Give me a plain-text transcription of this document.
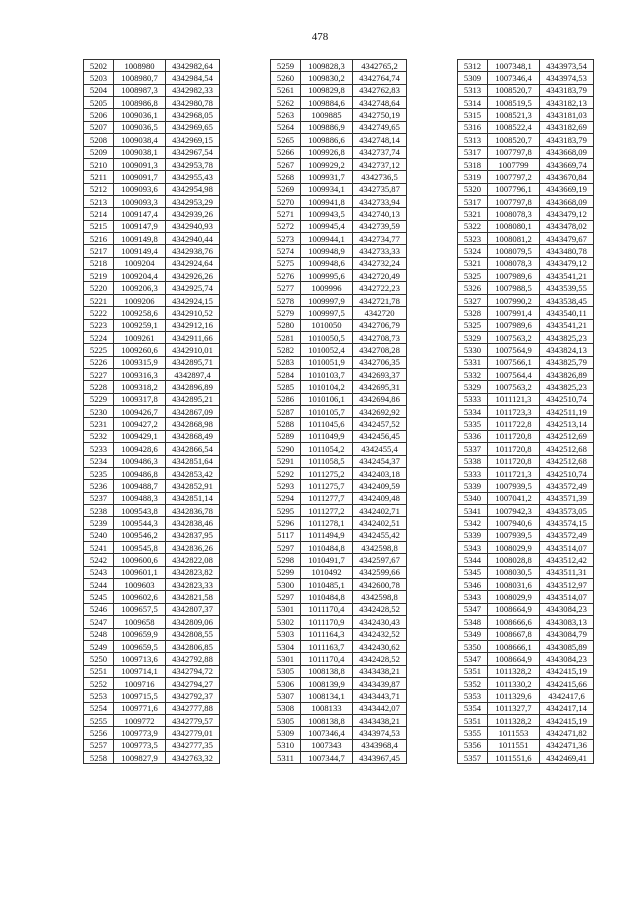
478
5202	1008980	4342982,64
5203	1008980,7	4342984,54
5204	1008987,3	4342982,33
5205	1008986,8	4342980,78
5206	1009036,1	4342968,05
5207	1009036,5	4342969,65
5208	1009038,4	4342969,15
5209	1009038,1	4342967,54
5210	1009091,3	4342953,78
5211	1009091,7	4342955,43
5212	1009093,6	4342954,98
5213	1009093,3	4342953,29
5214	1009147,4	4342939,26
5215	1009147,9	4342940,93
5216	1009149,8	4342940,44
5217	1009149,4	4342938,76
5218	1009204	4342924,64
5219	1009204,4	4342926,26
5220	1009206,3	4342925,74
5221	1009206	4342924,15
5222	1009258,6	4342910,52
5223	1009259,1	4342912,16
5224	1009261	4342911,66
5225	1009260,6	4342910,01
5226	1009315,9	4342895,71
5227	1009316,3	4342897,4
5228	1009318,2	4342896,89
5229	1009317,8	4342895,21
5230	1009426,7	4342867,09
5231	1009427,2	4342868,98
5232	1009429,1	4342868,49
5233	1009428,6	4342866,54
5234	1009486,3	4342851,64
5235	1009486,8	4342853,42
5236	1009488,7	4342852,91
5237	1009488,3	4342851,14
5238	1009543,8	4342836,78
5239	1009544,3	4342838,46
5240	1009546,2	4342837,95
5241	1009545,8	4342836,26
5242	1009600,6	4342822,08
5243	1009601,1	4342823,82
5244	1009603	4342823,33
5245	1009602,6	4342821,58
5246	1009657,5	4342807,37
5247	1009658	4342809,06
5248	1009659,9	4342808,55
5249	1009659,5	4342806,85
5250	1009713,6	4342792,88
5251	1009714,1	4342794,72
5252	1009716	4342794,27
5253	1009715,5	4342792,37
5254	1009771,6	4342777,88
5255	1009772	4342779,57
5256	1009773,9	4342779,01
5257	1009773,5	4342777,35
5258	1009827,9	4342763,32
5259	1009828,3	4342765,2
5260	1009830,2	4342764,74
5261	1009829,8	4342762,83
5262	1009884,6	4342748,64
5263	1009885	4342750,19
5264	1009886,9	4342749,65
5265	1009886,6	4342748,14
5266	1009926,8	4342737,74
5267	1009929,2	4342737,12
5268	1009931,7	4342736,5
5269	1009934,1	4342735,87
5270	1009941,8	4342733,94
5271	1009943,5	4342740,13
5272	1009945,4	4342739,59
5273	1009944,1	4342734,77
5274	1009948,9	4342733,33
5275	1009948,6	4342732,24
5276	1009995,6	4342720,49
5277	1009996	4342722,23
5278	1009997,9	4342721,78
5279	1009997,5	4342720
5280	1010050	4342706,79
5281	1010050,5	4342708,73
5282	1010052,4	4342708,28
5283	1010051,9	4342706,35
5284	1010103,7	4342693,37
5285	1010104,2	4342695,31
5286	1010106,1	4342694,86
5287	1010105,7	4342692,92
5288	1011045,6	4342457,52
5289	1011049,9	4342456,45
5290	1011054,2	4342455,4
5291	1011058,5	4342454,37
5292	1011275,2	4342403,18
5293	1011275,7	4342409,59
5294	1011277,7	4342409,48
5295	1011277,2	4342402,71
5296	1011278,1	4342402,51
5117	1011494,9	4342455,42
5297	1010484,8	4342598,8
5298	1010491,7	4342597,67
5299	1010492	4342599,66
5300	1010485,1	4342600,78
5297	1010484,8	4342598,8
5301	1011170,4	4342428,52
5302	1011170,9	4342430,43
5303	1011164,3	4342432,52
5304	1011163,7	4342430,62
5301	1011170,4	4342428,52
5305	1008138,8	4343438,21
5306	1008139,9	4343439,87
5307	1008134,1	4343443,71
5308	1008133	4343442,07
5305	1008138,8	4343438,21
5309	1007346,4	4343974,53
5310	1007343	4343968,4
5311	1007344,7	4343967,45
5312	1007348,1	4343973,54
5309	1007346,4	4343974,53
5313	1008520,7	4343183,79
5314	1008519,5	4343182,13
5315	1008521,3	4343181,03
5316	1008522,4	4343182,69
5313	1008520,7	4343183,79
5317	1007797,8	4343668,09
5318	1007799	4343669,74
5319	1007797,2	4343670,84
5320	1007796,1	4343669,19
5317	1007797,8	4343668,09
5321	1008078,3	4343479,12
5322	1008080,1	4343478,02
5323	1008081,2	4343479,67
5324	1008079,5	4343480,78
5321	1008078,3	4343479,12
5325	1007989,6	4343541,21
5326	1007988,5	4343539,55
5327	1007990,2	4343538,45
5328	1007991,4	4343540,11
5325	1007989,6	4343541,21
5329	1007563,2	4343825,23
5330	1007564,9	4343824,13
5331	1007566,1	4343825,79
5332	1007564,4	4343826,89
5329	1007563,2	4343825,23
5333	1011121,3	4342510,74
5334	1011723,3	4342511,19
5335	1011722,8	4342513,14
5336	1011720,8	4342512,69
5337	1011720,8	4342512,68
5338	1011720,8	4342512,68
5333	1011721,3	4342510,74
5339	1007939,5	4343572,49
5340	1007041,2	4343571,39
5341	1007942,3	4343573,05
5342	1007940,6	4343574,15
5339	1007939,5	4343572,49
5343	1008029,9	4343514,07
5344	1008028,8	4343512,42
5345	1008030,5	4343511,31
5346	1008031,6	4343512,97
5343	1008029,9	4343514,07
5347	1008664,9	4343084,23
5348	1008666,6	4343083,13
5349	1008667,8	4343084,79
5350	1008666,1	4343085,89
5347	1008664,9	4343084,23
5351	1011328,2	4342415,19
5352	1011330,2	4342415,66
5353	1011329,6	4342417,6
5354	1011327,7	4342417,14
5351	1011328,2	4342415,19
5355	1011553	4342471,82
5356	1011551	4342471,36
5357	1011551,6	4342469,41
